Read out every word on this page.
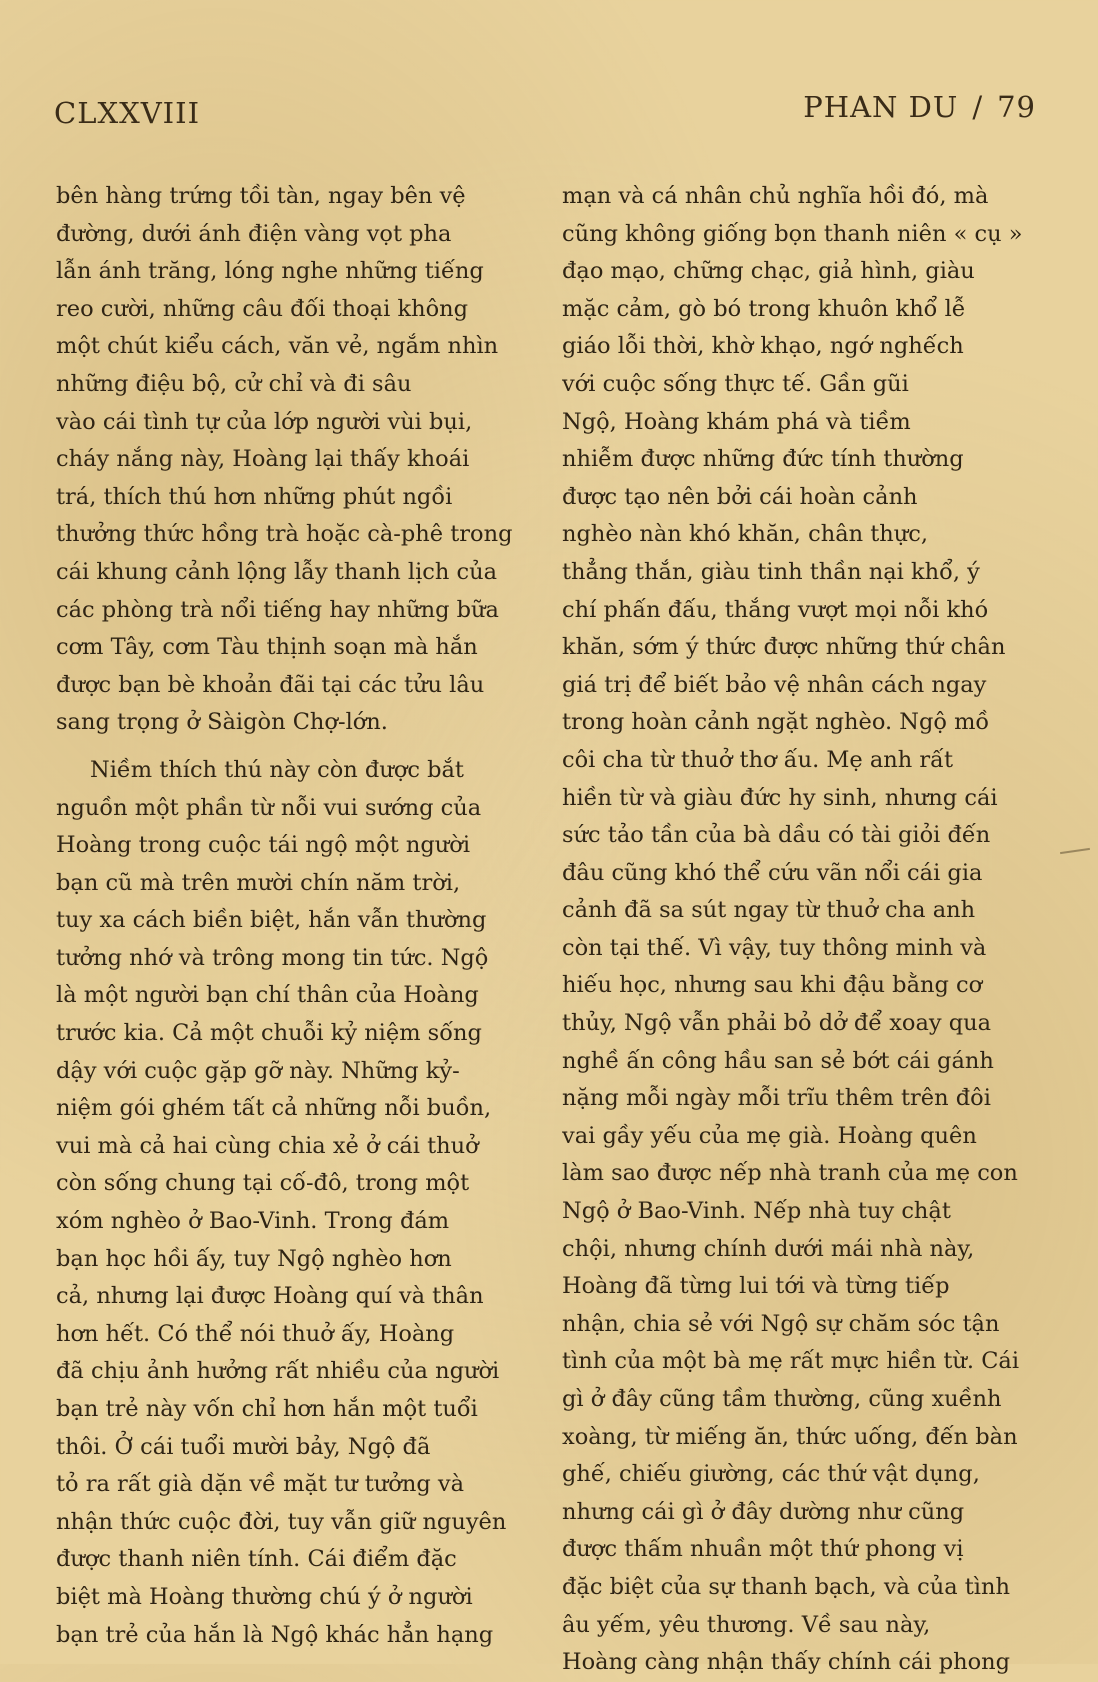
CLXXVIII	PHAN DU / 79
bên hàng trứng tồi tàn, ngay bên vệ
đường, dưới ánh điện vàng vọt pha
lẫn ánh trăng, lóng nghe những tiếng
reo cười, những câu đối thoại không
một chút kiểu cách, văn vẻ, ngắm nhìn
những điệu bộ, cử chỉ và đi sâu
vào cái tình tự của lớp người vùi bụi,
cháy nắng này, Hoàng lại thấy khoái
trá, thích thú hơn những phút ngồi
thưởng thức hồng trà hoặc cà-phê trong
cái khung cảnh lộng lẫy thanh lịch của
các phòng trà nổi tiếng hay những bữa
cơm Tây, cơm Tàu thịnh soạn mà hắn
được bạn bè khoản đãi tại các tửu lâu
sang trọng ở Sàigòn Chợ-lớn.
Niềm thích thú này còn được bắt
nguồn một phần từ nỗi vui sướng của
Hoàng trong cuộc tái ngộ một người
bạn cũ mà trên mười chín năm trời,
tuy xa cách biền biệt, hắn vẫn thường
tưởng nhớ và trông mong tin tức. Ngộ
là một người bạn chí thân của Hoàng
trước kia. Cả một chuỗi kỷ niệm sống
dậy với cuộc gặp gỡ này. Những kỷ-
niệm gói ghém tất cả những nỗi buồn,
vui mà cả hai cùng chia xẻ ở cái thuở
còn sống chung tại cố-đô, trong một
xóm nghèo ở Bao-Vinh. Trong đám
bạn học hồi ấy, tuy Ngộ nghèo hơn
cả, nhưng lại được Hoàng quí và thân
hơn hết. Có thể nói thuở ấy, Hoàng
đã chịu ảnh hưởng rất nhiều của người
bạn trẻ này vốn chỉ hơn hắn một tuổi
thôi. Ở cái tuổi mười bảy, Ngộ đã
tỏ ra rất già dặn về mặt tư tưởng và
nhận thức cuộc đời, tuy vẫn giữ nguyên
được thanh niên tính. Cái điểm đặc
biệt mà Hoàng thường chú ý ở người
bạn trẻ của hắn là Ngộ khác hẳn hạng
mạn và cá nhân chủ nghĩa hồi đó, mà
cũng không giống bọn thanh niên « cụ »
đạo mạo, chững chạc, giả hình, giàu
mặc cảm, gò bó trong khuôn khổ lễ
giáo lỗi thời, khờ khạo, ngớ nghếch
với cuộc sống thực tế. Gần gũi
Ngộ, Hoàng khám phá và tiềm
nhiễm được những đức tính thường
được tạo nên bởi cái hoàn cảnh
nghèo nàn khó khăn, chân thực,
thẳng thắn, giàu tinh thần nại khổ, ý
chí phấn đấu, thắng vượt mọi nỗi khó
khăn, sớm ý thức được những thứ chân
giá trị để biết bảo vệ nhân cách ngay
trong hoàn cảnh ngặt nghèo. Ngộ mồ
côi cha từ thuở thơ ấu. Mẹ anh rất
hiền từ và giàu đức hy sinh, nhưng cái
sức tảo tần của bà dầu có tài giỏi đến
đâu cũng khó thể cứu vãn nổi cái gia
cảnh đã sa sút ngay từ thuở cha anh
còn tại thế. Vì vậy, tuy thông minh và
hiếu học, nhưng sau khi đậu bằng cơ
thủy, Ngộ vẫn phải bỏ dở để xoay qua
nghề ấn công hầu san sẻ bớt cái gánh
nặng mỗi ngày mỗi trĩu thêm trên đôi
vai gầy yếu của mẹ già. Hoàng quên
làm sao được nếp nhà tranh của mẹ con
Ngộ ở Bao-Vinh. Nếp nhà tuy chật
chội, nhưng chính dưới mái nhà này,
Hoàng đã từng lui tới và từng tiếp
nhận, chia sẻ với Ngộ sự chăm sóc tận
tình của một bà mẹ rất mực hiền từ. Cái
gì ở đây cũng tầm thường, cũng xuềnh
xoàng, từ miếng ăn, thức uống, đến bàn
ghế, chiếu giường, các thứ vật dụng,
nhưng cái gì ở đây dường như cũng
được thấm nhuần một thứ phong vị
đặc biệt của sự thanh bạch, và của tình
âu yếm, yêu thương. Về sau này,
Hoàng càng nhận thấy chính cái phong
